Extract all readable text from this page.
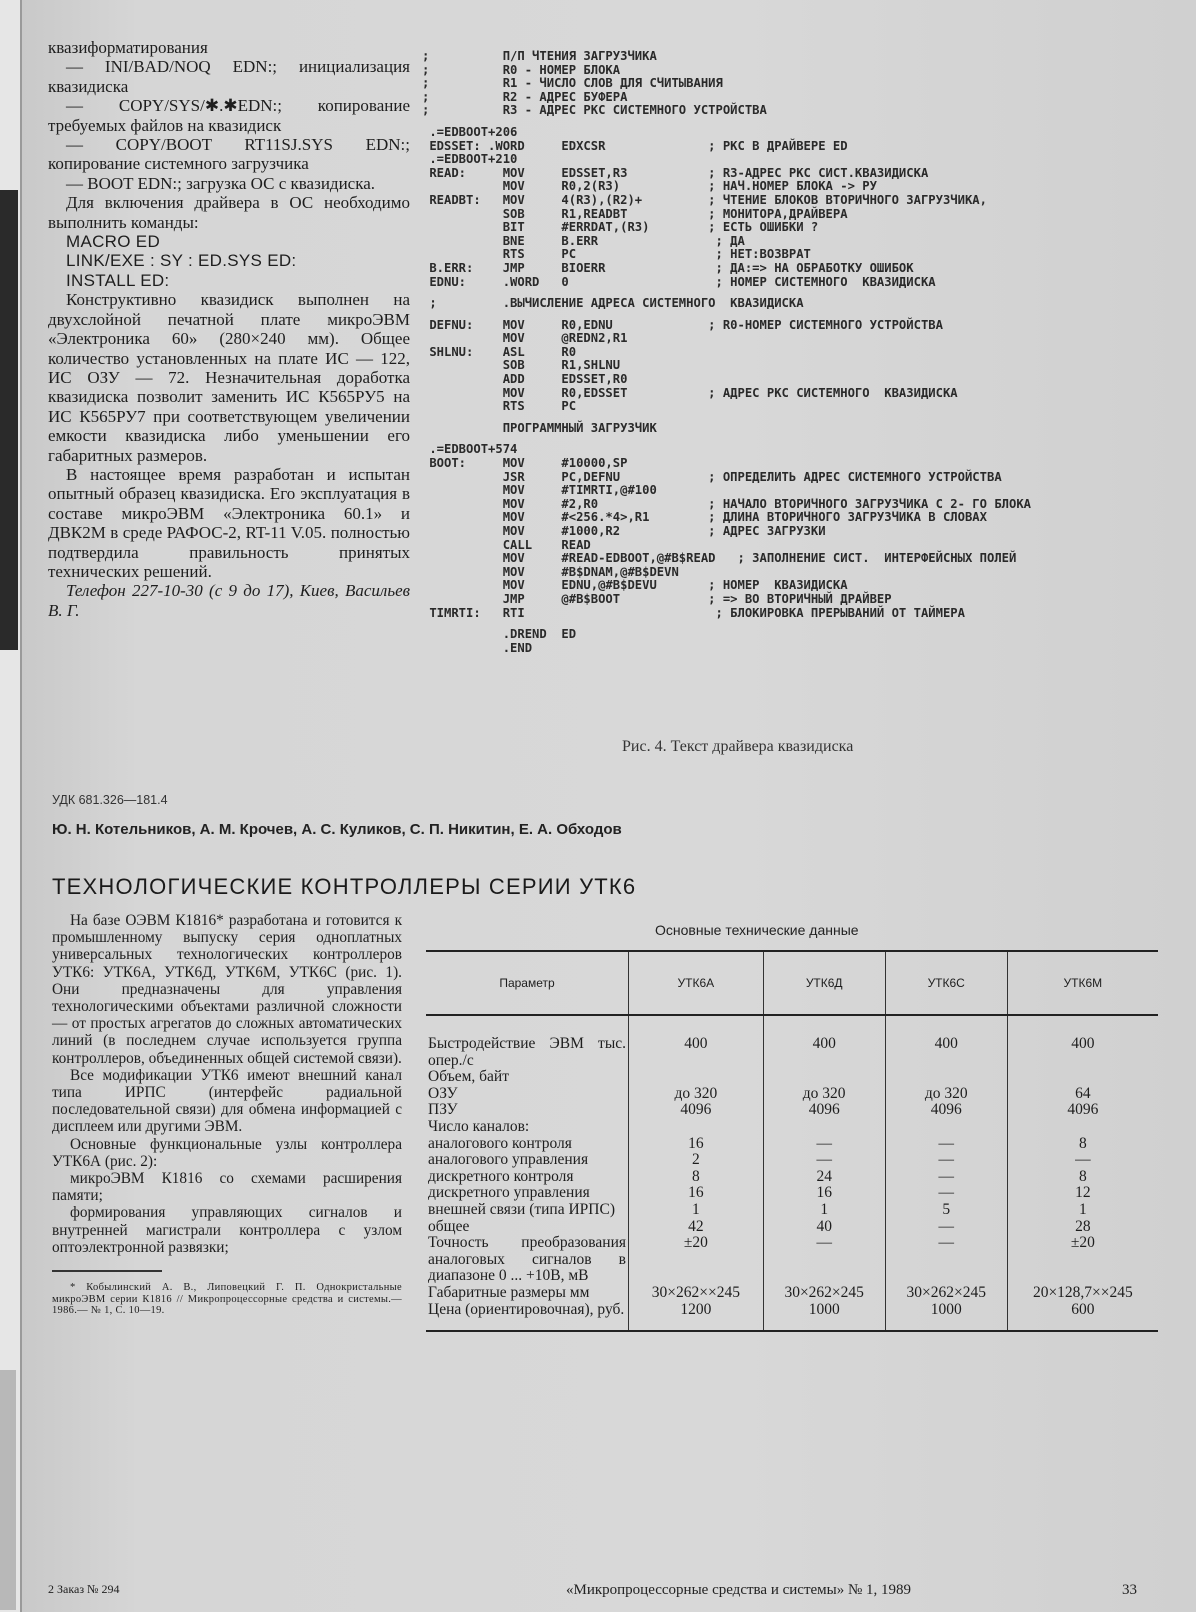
квазиформатирования

— INI/BAD/NOQ EDN:; инициализация квазидиска

— COPY/SYS/✱.✱EDN:; копирование требуемых файлов на квазидиск

— COPY/BOOT RT11SJ.SYS EDN:; копирование системного загрузчика

— BOOT EDN:; загрузка ОС с квазидиска.

Для включения драйвера в ОС необходимо выполнить команды:

MACRO ED

LINK/EXE : SY : ED.SYS ED:

INSTALL ED:

Конструктивно квазидиск выполнен на двухслойной печатной плате микроЭВМ «Электроника 60» (280×240 мм). Общее количество установленных на плате ИС — 122, ИС ОЗУ — 72. Незначительная доработка квазидиска позволит заменить ИС К565РУ5 на ИС К565РУ7 при соответствующем увеличении емкости квазидиска либо уменьшении его габаритных размеров.

В настоящее время разработан и испытан опытный образец квазидиска. Его эксплуатация в составе микроЭВМ «Электроника 60.1» и ДВК2М в среде РАФОС-2, RT-11 V.05. полностью подтвердила правильность принятых технических решений.

Телефон 227-10-30 (с 9 до 17), Киев, Васильев В. Г.

;          П/П ЧТЕНИЯ ЗАГРУЗЧИКА
;          R0 - НОМЕР БЛОКА
;          R1 - ЧИСЛО СЛОВ ДЛЯ СЧИТЫВАНИЯ
;          R2 - АДРЕС БУФЕРА
;          R3 - АДРЕС РКС СИСТЕМНОГО УСТРОЙСТВА
.=EDBOOT+206
EDSSET: .WORD     EDXCSR              ; РКС В ДРАЙВЕРЕ ED
.=EDBOOT+210
READ:     MOV     EDSSET,R3           ; R3-АДРЕС РКС СИСТ.КВАЗИДИСКА
MOV     R0,2(R3)            ; НАЧ.НОМЕР БЛОКА -> РУ
READBT:   MOV     4(R3),(R2)+         ; ЧТЕНИЕ БЛОКОВ ВТОРИЧНОГО ЗАГРУЗЧИКА,
SOB     R1,READBT           ; МОНИТОРА,ДРАЙВЕРА
BIT     #ERRDAT,(R3)        ; ЕСТЬ ОШИБКИ ?
BNE     B.ERR                ; ДА
RTS     PC                   ; НЕТ:ВОЗВРАТ
B.ERR:    JMP     BIOERR               ; ДА:=> НА ОБРАБОТКУ ОШИБОК
EDNU:     .WORD   0                    ; НОМЕР СИСТЕМНОГО  КВАЗИДИСКА
;         .ВЫЧИСЛЕНИЕ АДРЕСА СИСТЕМНОГО  КВАЗИДИСКА
DEFNU:    MOV     R0,EDNU             ; R0-НОМЕР СИСТЕМНОГО УСТРОЙСТВА
MOV     @REDN2,R1
SHLNU:    ASL     R0
SOB     R1,SHLNU
ADD     EDSSET,R0
MOV     R0,EDSSET           ; АДРЕС РКС СИСТЕМНОГО  КВАЗИДИСКА
RTS     PC
ПРОГРАММНЫЙ ЗАГРУЗЧИК
.=EDBOOT+574
BOOT:     MOV     #10000,SP
JSR     PC,DEFNU            ; ОПРЕДЕЛИТЬ АДРЕС СИСТЕМНОГО УСТРОЙСТВА
MOV     #TIMRTI,@#100
MOV     #2,R0               ; НАЧАЛО ВТОРИЧНОГО ЗАГРУЗЧИКА С 2- ГО БЛОКА
MOV     #<256.*4>,R1        ; ДЛИНА ВТОРИЧНОГО ЗАГРУЗЧИКА В СЛОВАХ
MOV     #1000,R2            ; АДРЕС ЗАГРУЗКИ
CALL    READ
MOV     #READ-EDBOOT,@#B$READ   ; ЗАПОЛНЕНИЕ СИСТ.  ИНТЕРФЕЙСНЫХ ПОЛЕЙ
MOV     #B$DNAM,@#B$DEVN
MOV     EDNU,@#B$DEVU       ; НОМЕР  КВАЗИДИСКА
JMP     @#B$BOOT            ; => ВО ВТОРИЧНЫЙ ДРАЙВЕР
TIMRTI:   RTI                          ; БЛОКИРОВКА ПРЕРЫВАНИЙ ОТ ТАЙМЕРА
.DREND  ED
.END
Рис. 4. Текст драйвера квазидиска
УДК 681.326—181.4
Ю. Н. Котельников, А. М. Крочев, А. С. Куликов, С. П. Никитин, Е. А. Обходов
ТЕХНОЛОГИЧЕСКИЕ КОНТРОЛЛЕРЫ СЕРИИ УТК6

На базе ОЭВМ К1816* разработана и готовится к промышленному выпуску серия одноплатных универсальных технологических контроллеров УТК6: УТК6А, УТК6Д, УТК6М, УТК6С (рис. 1). Они предназначены для управления технологическими объектами различной сложности — от простых агрегатов до сложных автоматических линий (в последнем случае используется группа контроллеров, объединенных общей системой связи).

Все модификации УТК6 имеют внешний канал типа ИРПС (интерфейс радиальной последовательной связи) для обмена информацией с дисплеем или другими ЭВМ.

Основные функциональные узлы контроллера УТК6А (рис. 2):

микроЭВМ К1816 со схемами расширения памяти;

формирования управляющих сигналов и внутренней магистрали контроллера с узлом оптоэлектронной развязки;

* Кобылинский А. В., Липовецкий Г. П. Однокристальные микроЭВМ серии К1816 // Микропроцессорные средства и системы.— 1986.— № 1, С. 10—19.

Основные технические данные
Параметр	УТК6А	УТК6Д	УТК6С	УТК6М
Быстродействие ЭВМ тыс. опер./с	400	400	400	400
Объем, байт				
ОЗУ	до 320	до 320	до 320	64
ПЗУ	4096	4096	4096	4096
Число каналов:				
аналогового контроля	16	—	—	8
аналогового управления	2	—	—	—
дискретного контроля	8	24	—	8
дискретного управления	16	16	—	12
внешней связи (типа ИРПС)	1	1	5	1
общее	42	40	—	28
Точность преобразования аналоговых сигналов в диапазоне 0 ... +10В, мВ	±20	—	—	±20
Габаритные размеры мм	30×262××245	30×262×245	30×262×245	20×128,7××245
Цена (ориентировочная), руб.	1200	1000	1000	600
2 Заказ № 294	«Микропроцессорные средства и системы» № 1, 1989	33
